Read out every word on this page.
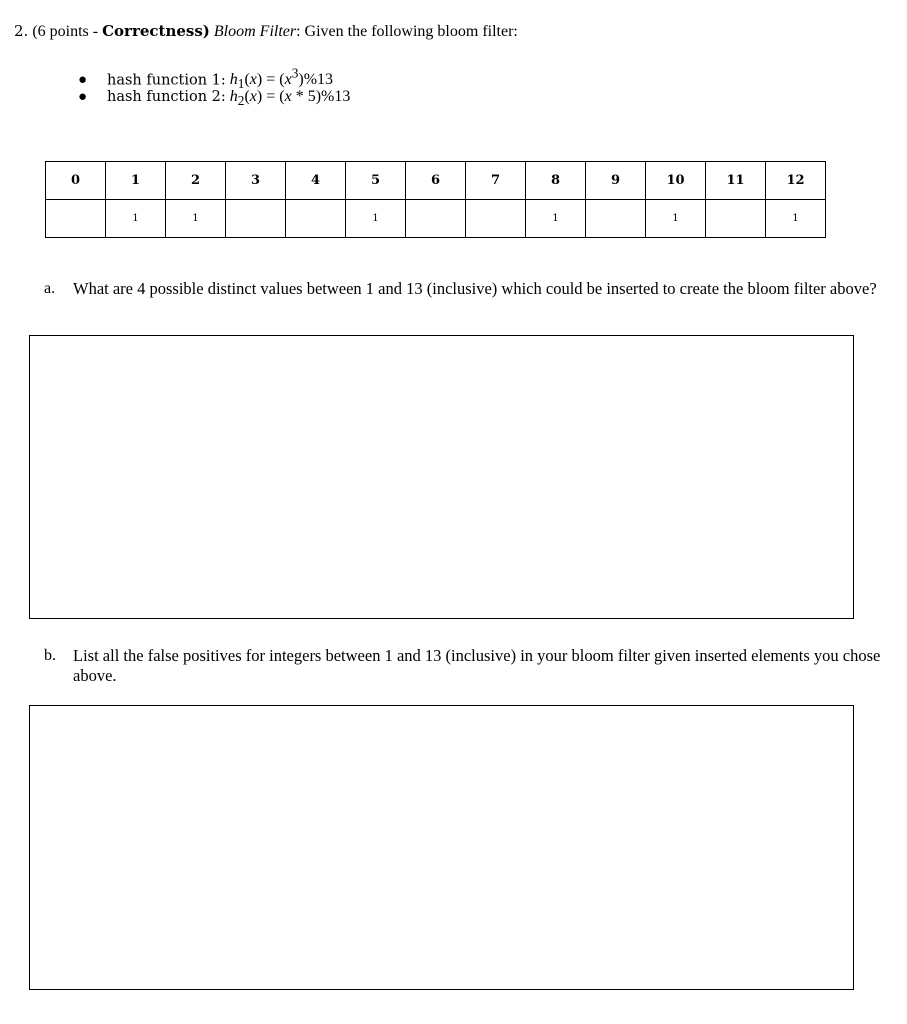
2. (6 points - Correctness) Bloom Filter: Given the following bloom filter:
● hash function 1: $h_1(x) = (x^3)\%13$
● hash function 2: $h_2(x) = (x * 5)\%13$
0	1	2	3	4	5	6	7	8	9	10	11	12
	1	1			1			1		1		1
a. What are 4 possible distinct values between 1 and 13 (inclusive) which could be inserted to create the bloom filter above?
b. List all the false positives for integers between 1 and 13 (inclusive) in your bloom filter given inserted elements you chose above.
